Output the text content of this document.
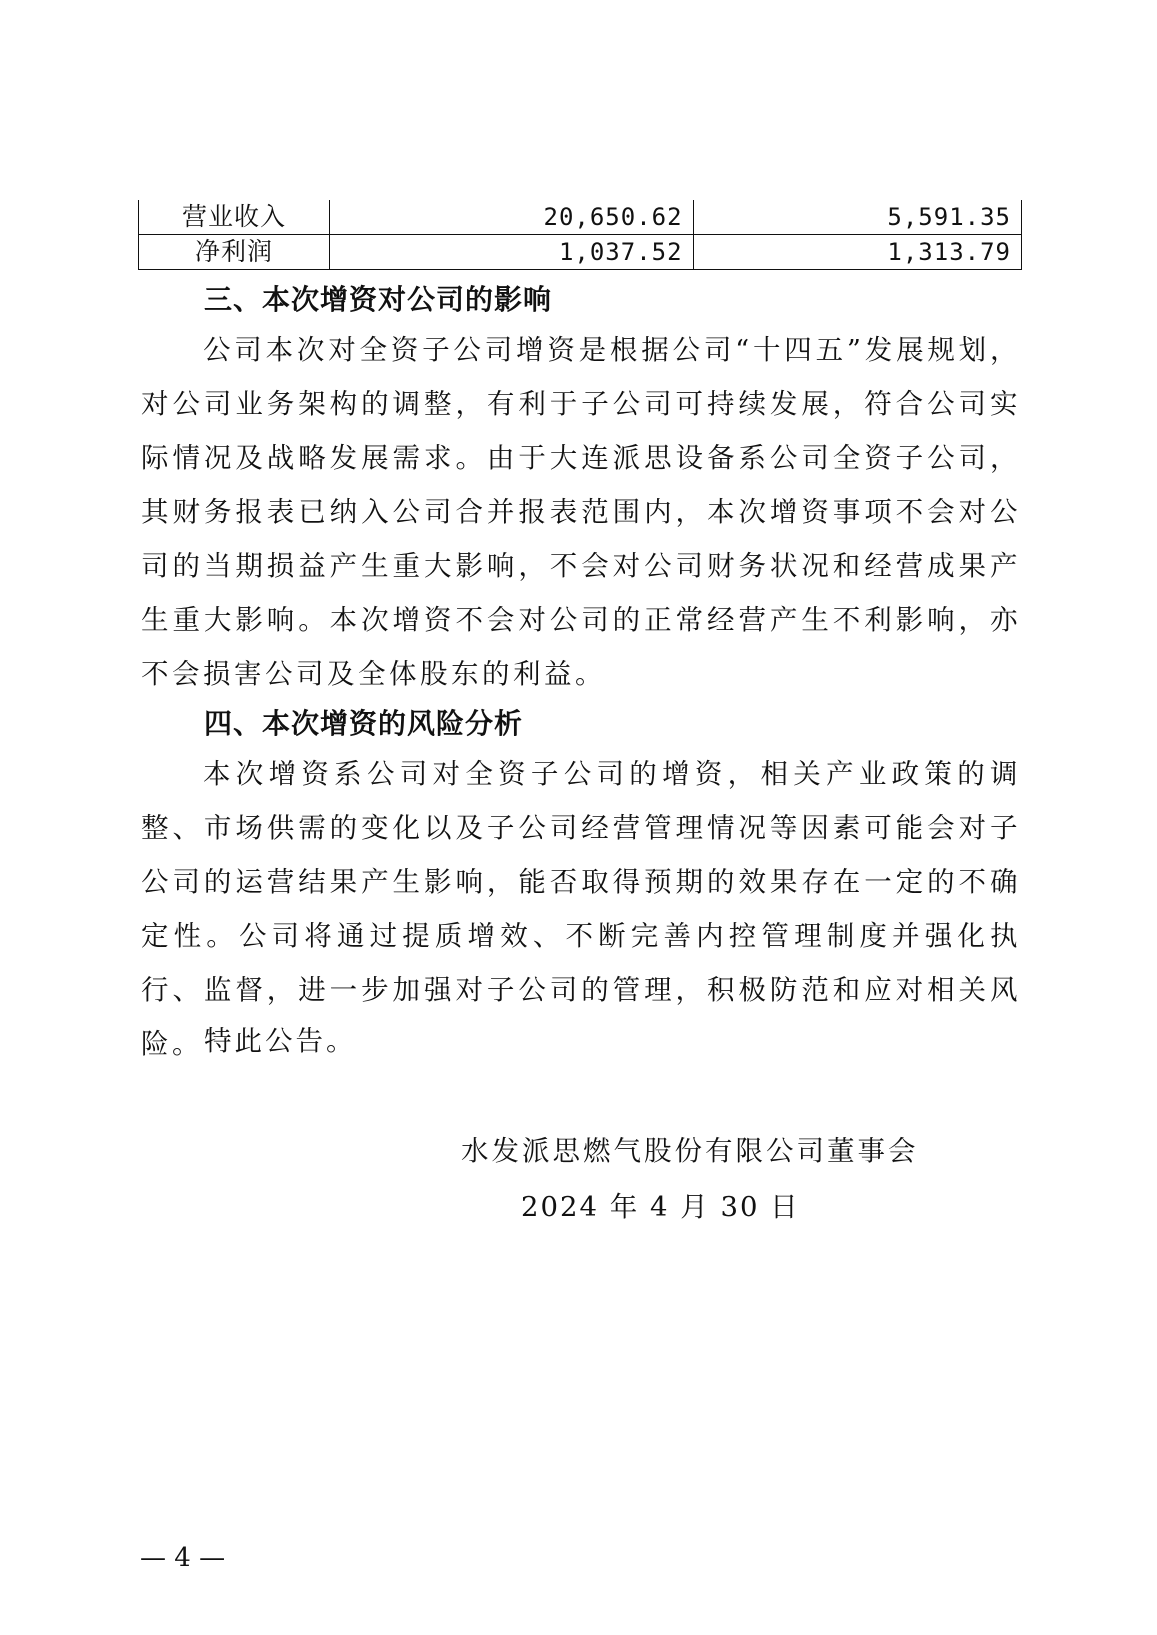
营业收入	20,650.62	5,591.35
净利润	1,037.52	1,313.79
三、本次增资对公司的影响

公司本次对全资子公司增资是根据公司“十四五”发展规划，对公司业务架构的调整，有利于子公司可持续发展，符合公司实际情况及战略发展需求。由于大连派思设备系公司全资子公司，其财务报表已纳入公司合并报表范围内，本次增资事项不会对公司的当期损益产生重大影响，不会对公司财务状况和经营成果产生重大影响。本次增资不会对公司的正常经营产生不利影响，亦不会损害公司及全体股东的利益。

四、本次增资的风险分析

本次增资系公司对全资子公司的增资，相关产业政策的调整、市场供需的变化以及子公司经营管理情况等因素可能会对子公司的运营结果产生影响，能否取得预期的效果存在一定的不确定性。公司将通过提质增效、不断完善内控管理制度并强化执行、监督，进一步加强对子公司的管理，积极防范和应对相关风险。 特此公告。
水发派思燃气股份有限公司董事会
2024 年 4 月 30 日
— 4 —
